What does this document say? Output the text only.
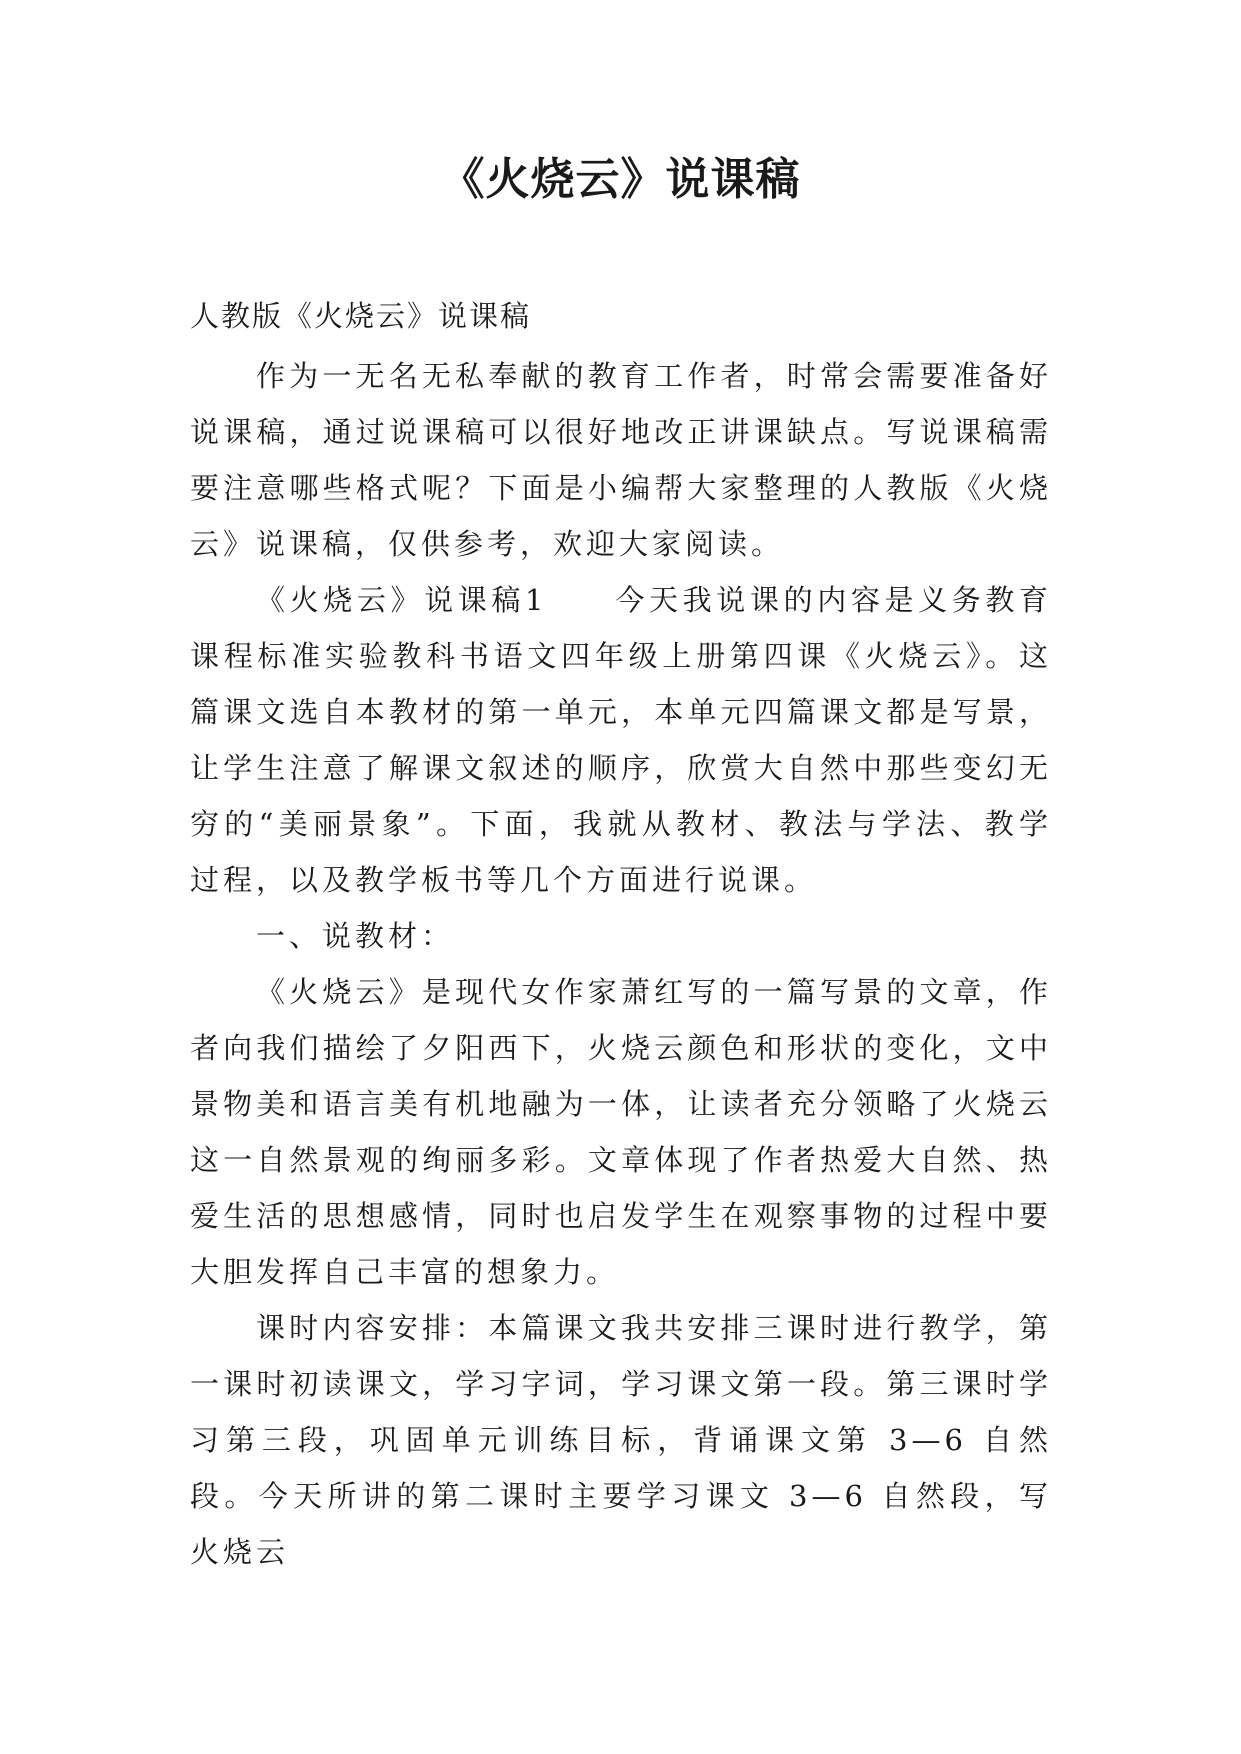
《火烧云》说课稿

人教版《火烧云》说课稿

作为一无名无私奉献的教育工作者，时常会需要准备好说课稿，通过说课稿可以很好地改正讲课缺点。写说课稿需要注意哪些格式呢？下面是小编帮大家整理的人教版《火烧云》说课稿，仅供参考，欢迎大家阅读。

《火烧云》说课稿1　　今天我说课的内容是义务教育课程标准实验教科书语文四年级上册第四课《火烧云》。这篇课文选自本教材的第一单元，本单元四篇课文都是写景，让学生注意了解课文叙述的顺序，欣赏大自然中那些变幻无穷的“美丽景象”。下面，我就从教材、教法与学法、教学过程，以及教学板书等几个方面进行说课。

一、说教材：

《火烧云》是现代女作家萧红写的一篇写景的文章，作者向我们描绘了夕阳西下，火烧云颜色和形状的变化，文中景物美和语言美有机地融为一体，让读者充分领略了火烧云这一自然景观的绚丽多彩。文章体现了作者热爱大自然、热爱生活的思想感情，同时也启发学生在观察事物的过程中要大胆发挥自己丰富的想象力。

课时内容安排：本篇课文我共安排三课时进行教学，第一课时初读课文，学习字词，学习课文第一段。第三课时学习第三段，巩固单元训练目标，背诵课文第 3—6 自然段。今天所讲的第二课时主要学习课文 3—6 自然段，写火烧云
